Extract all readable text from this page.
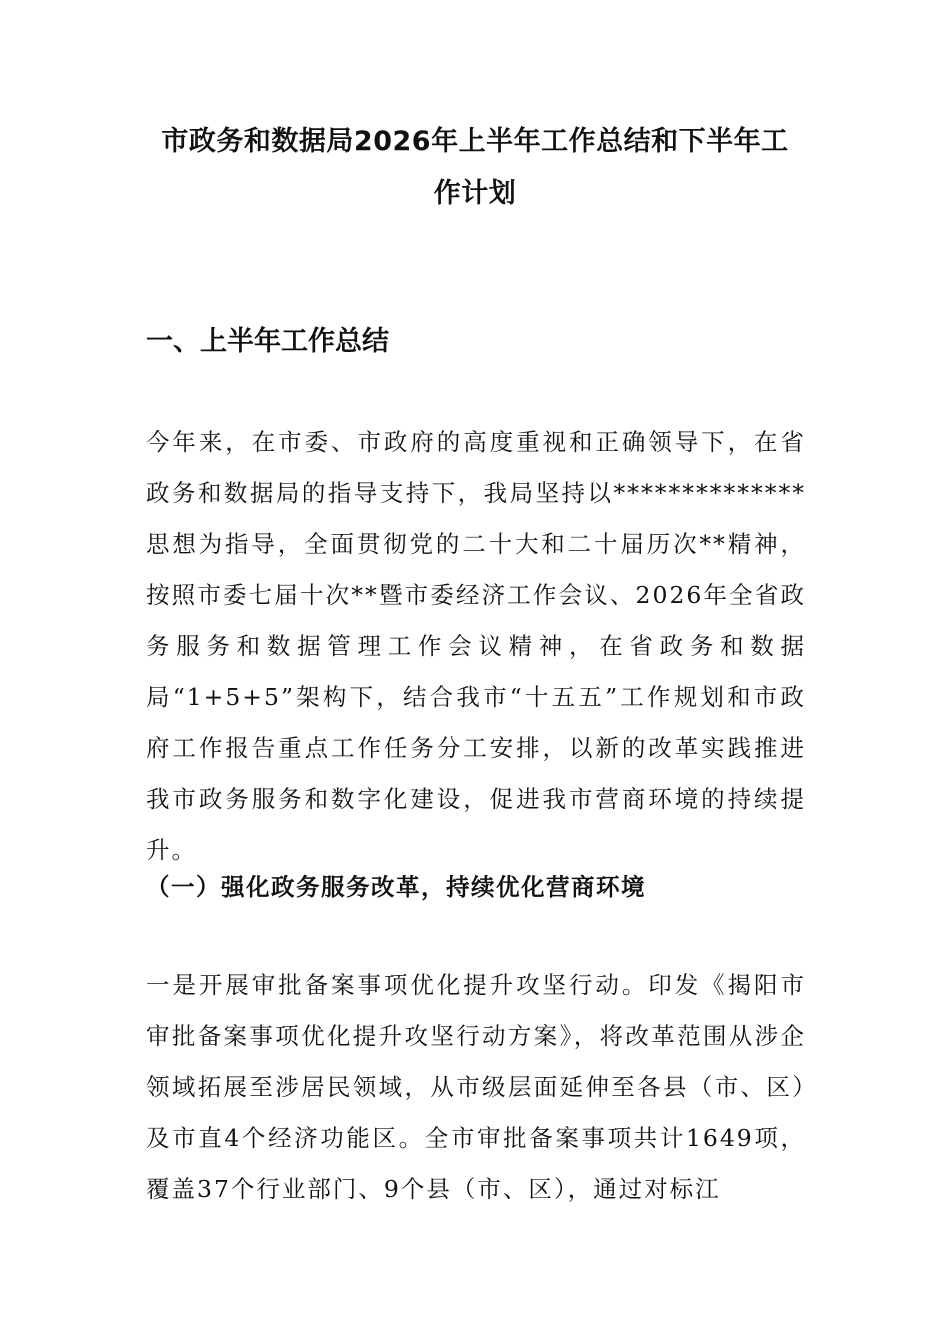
市政务和数据局2026年上半年工作总结和下半年工作计划
一、上半年工作总结

今年来，在市委、市政府的高度重视和正确领导下，在省政务和数据局的指导支持下，我局坚持以**************思想为指导，全面贯彻党的二十大和二十届历次**精神，按照市委七届十次**暨市委经济工作会议、2026年全省政务服务和数据管理工作会议精神，在省政务和数据局“1+5+5”架构下，结合我市“十五五”工作规划和市政府工作报告重点工作任务分工安排，以新的改革实践推进我市政务服务和数字化建设，促进我市营商环境的持续提升。

（一）强化政务服务改革，持续优化营商环境

一是开展审批备案事项优化提升攻坚行动。印发《揭阳市审批备案事项优化提升攻坚行动方案》，将改革范围从涉企领域拓展至涉居民领域，从市级层面延伸至各县（市、区）及市直4个经济功能区。全市审批备案事项共计1649项，覆盖37个行业部门、9个县（市、区），通过对标江
